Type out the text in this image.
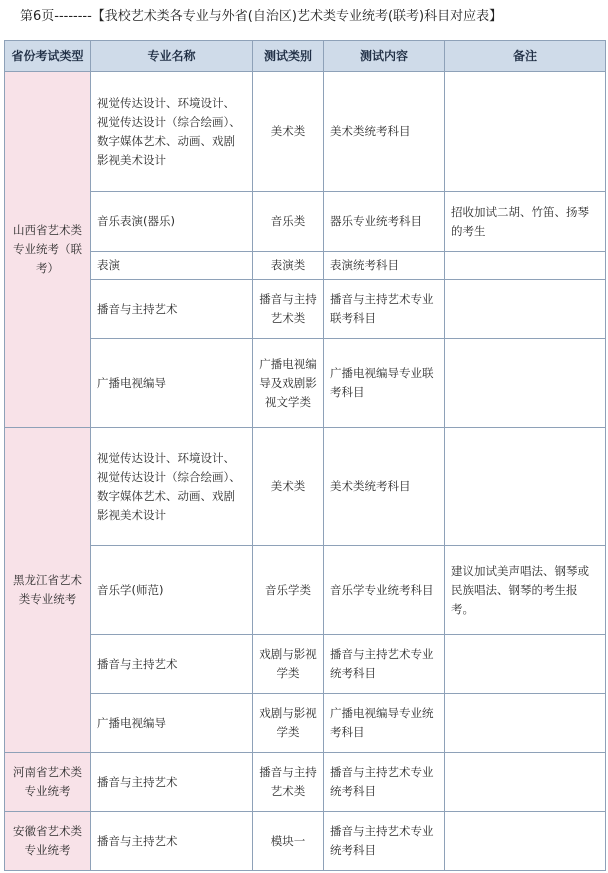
第6页--------【我校艺术类各专业与外省(自治区)艺术类专业统考(联考)科目对应表】
省份考试类型	专业名称	测试类别	测试内容	备注
山西省艺术类专业统考（联考）	视觉传达设计、环境设计、视觉传达设计（综合绘画）、数字媒体艺术、动画、戏剧影视美术设计	美术类	美术类统考科目	
	音乐表演(器乐)	音乐类	器乐专业统考科目	招收加试二胡、竹笛、扬琴的考生
	表演	表演类	表演统考科目	
	播音与主持艺术	播音与主持艺术类	播音与主持艺术专业联考科目	
	广播电视编导	广播电视编导及戏剧影视文学类	广播电视编导专业联考科目	
黑龙江省艺术类专业统考	视觉传达设计、环境设计、视觉传达设计（综合绘画）、数字媒体艺术、动画、戏剧影视美术设计	美术类	美术类统考科目	
	音乐学(师范)	音乐学类	音乐学专业统考科目	建议加试美声唱法、钢琴或民族唱法、钢琴的考生报考。
	播音与主持艺术	戏剧与影视学类	播音与主持艺术专业统考科目	
	广播电视编导	戏剧与影视学类	广播电视编导专业统考科目	
河南省艺术类专业统考	播音与主持艺术	播音与主持艺术类	播音与主持艺术专业统考科目	
安徽省艺术类专业统考	播音与主持艺术	模块一	播音与主持艺术专业统考科目	
